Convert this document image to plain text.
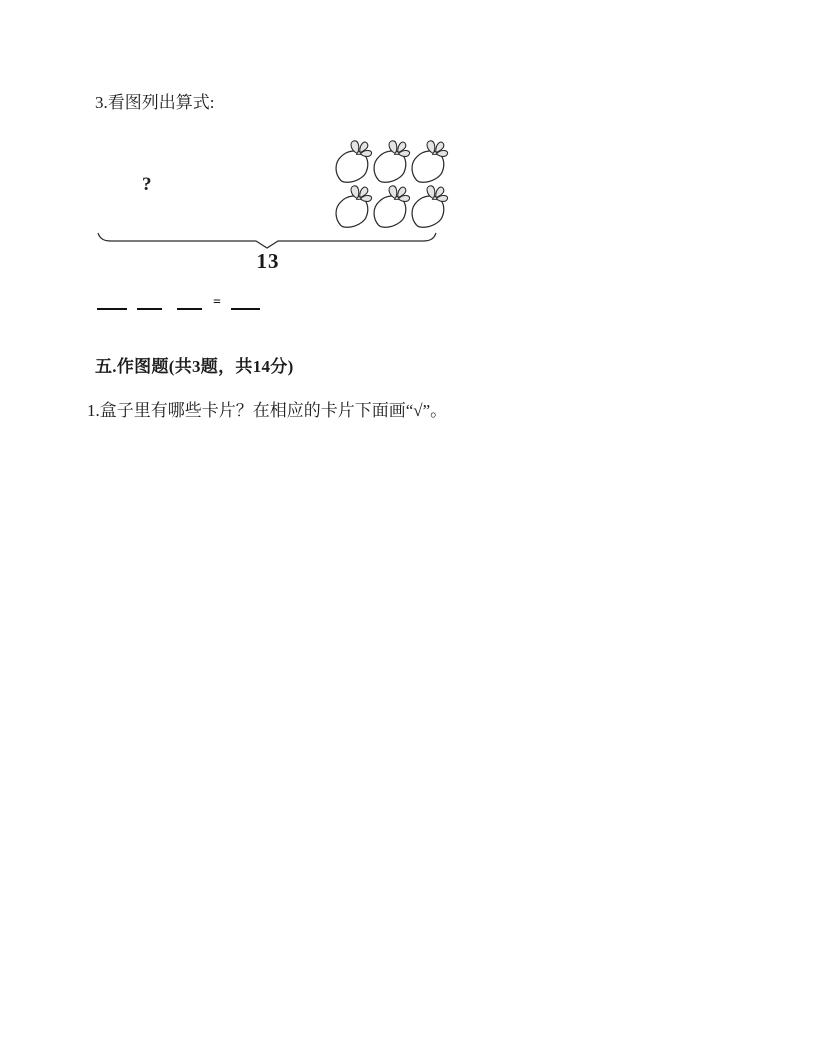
3.看图列出算式:
?
13
=
五.作图题(共3题，共14分)
1.盒子里有哪些卡片？在相应的卡片下面画“√”。
